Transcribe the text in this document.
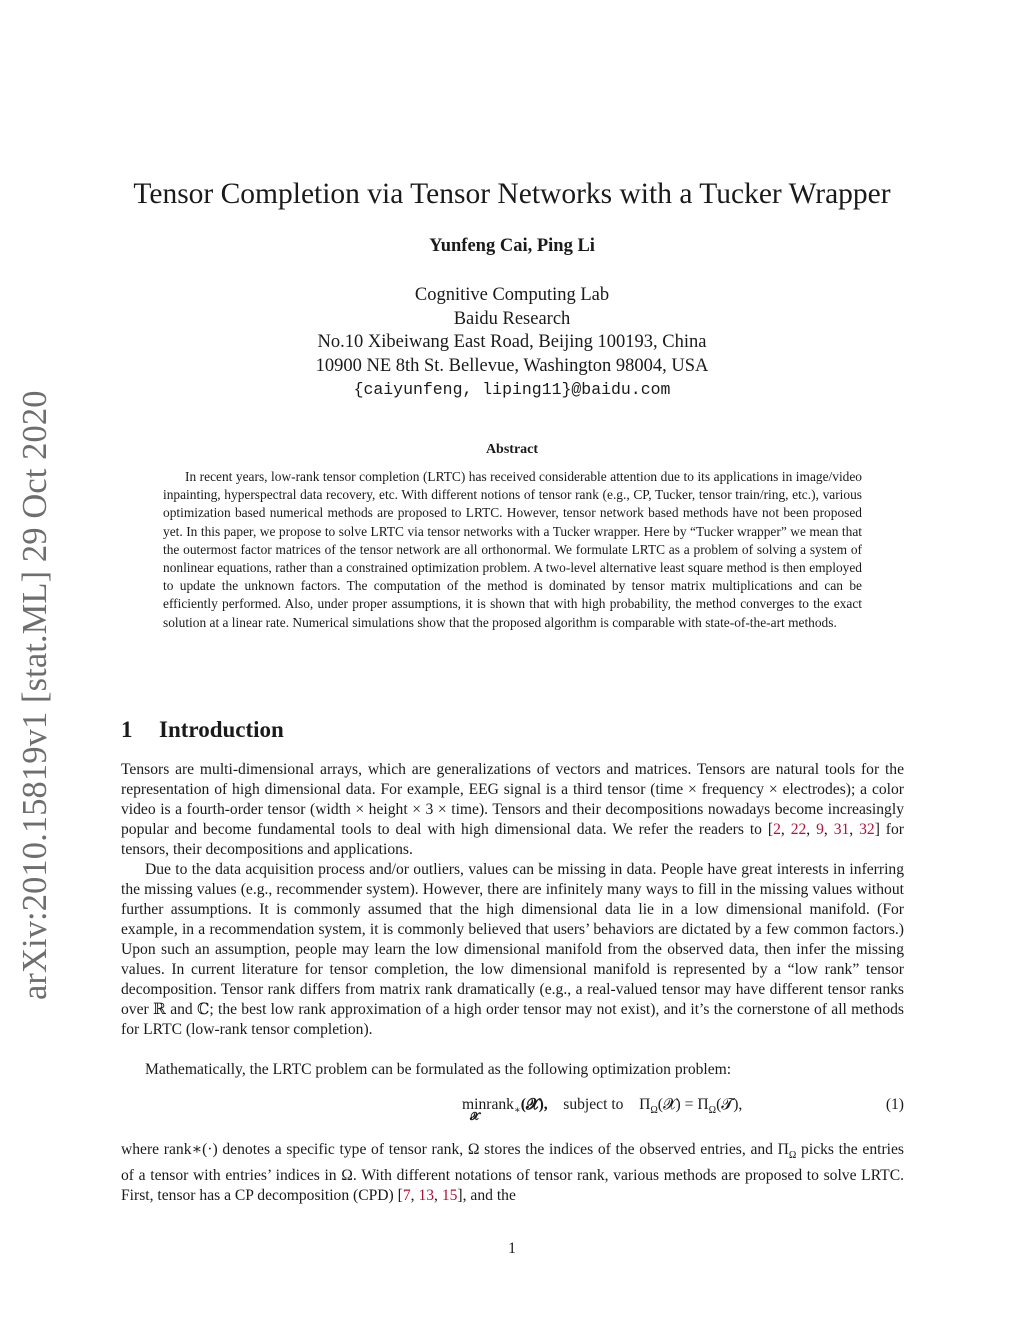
arXiv:2010.15819v1 [stat.ML] 29 Oct 2020
Tensor Completion via Tensor Networks with a Tucker Wrapper
Yunfeng Cai, Ping Li
Cognitive Computing Lab
Baidu Research
No.10 Xibeiwang East Road, Beijing 100193, China
10900 NE 8th St. Bellevue, Washington 98004, USA
{caiyunfeng, liping11}@baidu.com
Abstract
In recent years, low-rank tensor completion (LRTC) has received considerable attention due to its applications in image/video inpainting, hyperspectral data recovery, etc. With different notions of tensor rank (e.g., CP, Tucker, tensor train/ring, etc.), various optimization based numerical methods are proposed to LRTC. However, tensor network based methods have not been proposed yet. In this paper, we propose to solve LRTC via tensor networks with a Tucker wrapper. Here by “Tucker wrapper” we mean that the outermost factor matrices of the tensor network are all orthonormal. We formulate LRTC as a problem of solving a system of nonlinear equations, rather than a constrained optimization problem. A two-level alternative least square method is then employed to update the unknown factors. The computation of the method is dominated by tensor matrix multiplications and can be efficiently performed. Also, under proper assumptions, it is shown that with high probability, the method converges to the exact solution at a linear rate. Numerical simulations show that the proposed algorithm is comparable with state-of-the-art methods.
1 Introduction
Tensors are multi-dimensional arrays, which are generalizations of vectors and matrices. Tensors are natural tools for the representation of high dimensional data. For example, EEG signal is a third tensor (time × frequency × electrodes); a color video is a fourth-order tensor (width × height × 3 × time). Tensors and their decompositions nowadays become increasingly popular and become fundamental tools to deal with high dimensional data. We refer the readers to [2, 22, 9, 31, 32] for tensors, their decompositions and applications.
Due to the data acquisition process and/or outliers, values can be missing in data. People have great interests in inferring the missing values (e.g., recommender system). However, there are infinitely many ways to fill in the missing values without further assumptions. It is commonly assumed that the high dimensional data lie in a low dimensional manifold. (For example, in a recommendation system, it is commonly believed that users’ behaviors are dictated by a few common factors.) Upon such an assumption, people may learn the low dimensional manifold from the observed data, then infer the missing values. In current literature for tensor completion, the low dimensional manifold is represented by a “low rank” tensor decomposition. Tensor rank differs from matrix rank dramatically (e.g., a real-valued tensor may have different tensor ranks over ℝ and ℂ; the best low rank approximation of a high order tensor may not exist), and it’s the cornerstone of all methods for LRTC (low-rank tensor completion).
Mathematically, the LRTC problem can be formulated as the following optimization problem:
min
𝓧
rank$_∗$(𝓧), subject to $\Pi_\Omega(𝓧)$ = $\Pi_\Omega(𝓣)$,	(1)
where rank∗(·) denotes a specific type of tensor rank, Ω stores the indices of the observed entries, and $\Pi_\Omega$ picks the entries of a tensor with entries’ indices in Ω. With different notations of tensor rank, various methods are proposed to solve LRTC. First, tensor has a CP decomposition (CPD) [7, 13, 15], and the
1
